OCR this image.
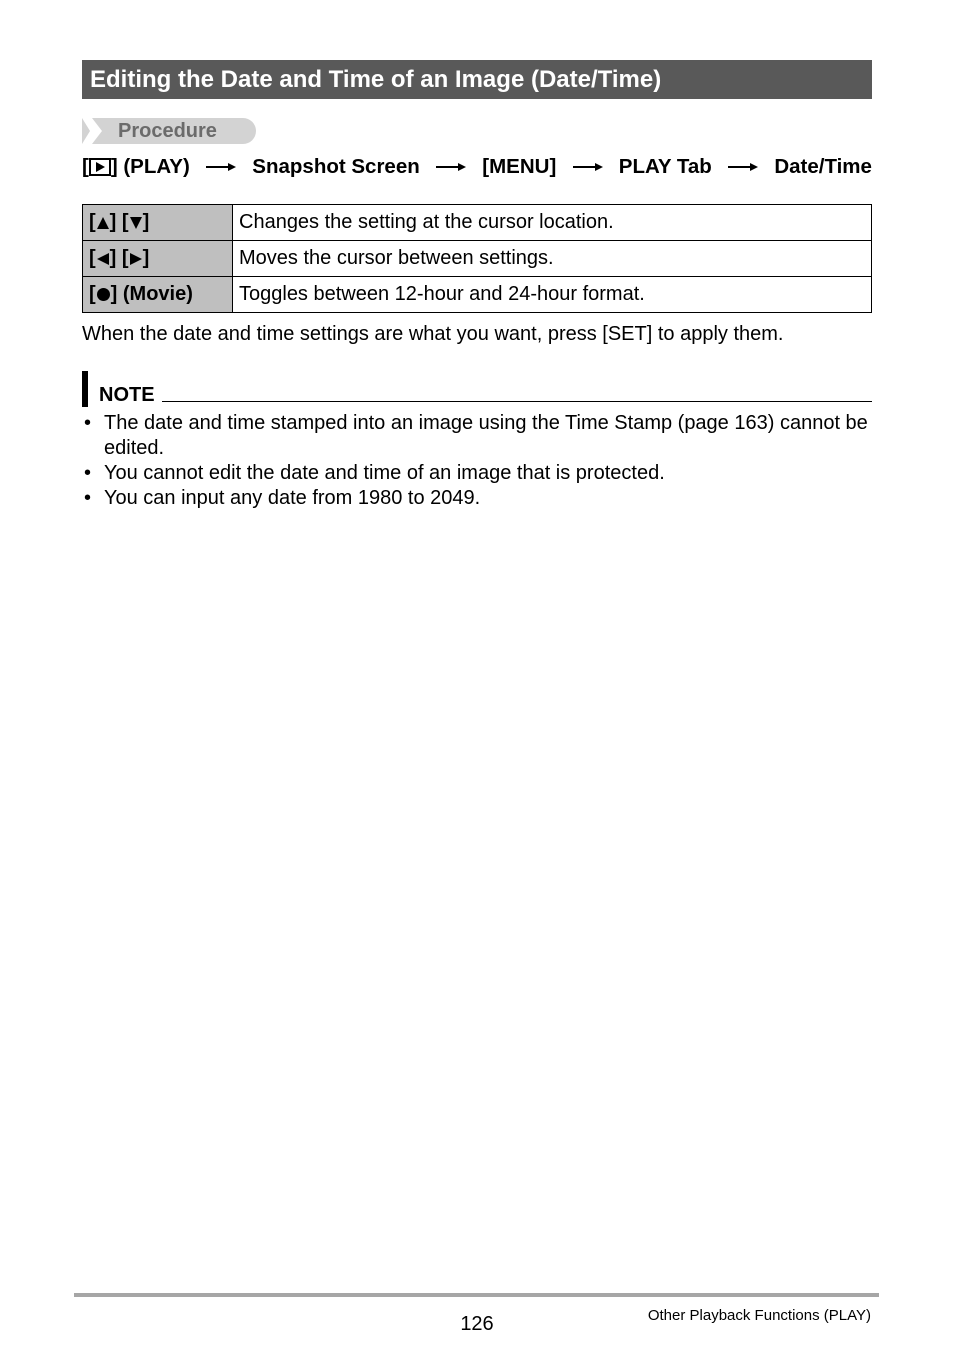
Editing the Date and Time of an Image (Date/Time)
Procedure
[ ] (PLAY)	Snapshot Screen	[MENU]	PLAY Tab	Date/Time
[ ] [ ]	Changes the setting at the cursor location.
[ ] [ ]	Moves the cursor between settings.
[ ] (Movie)	Toggles between 12-hour and 24-hour format.
When the date and time settings are what you want, press [SET] to apply them.
NOTE
• The date and time stamped into an image using the Time Stamp (page 163) cannot be edited.
• You cannot edit the date and time of an image that is protected.
• You can input any date from 1980 to 2049.
126	Other Playback Functions (PLAY)
